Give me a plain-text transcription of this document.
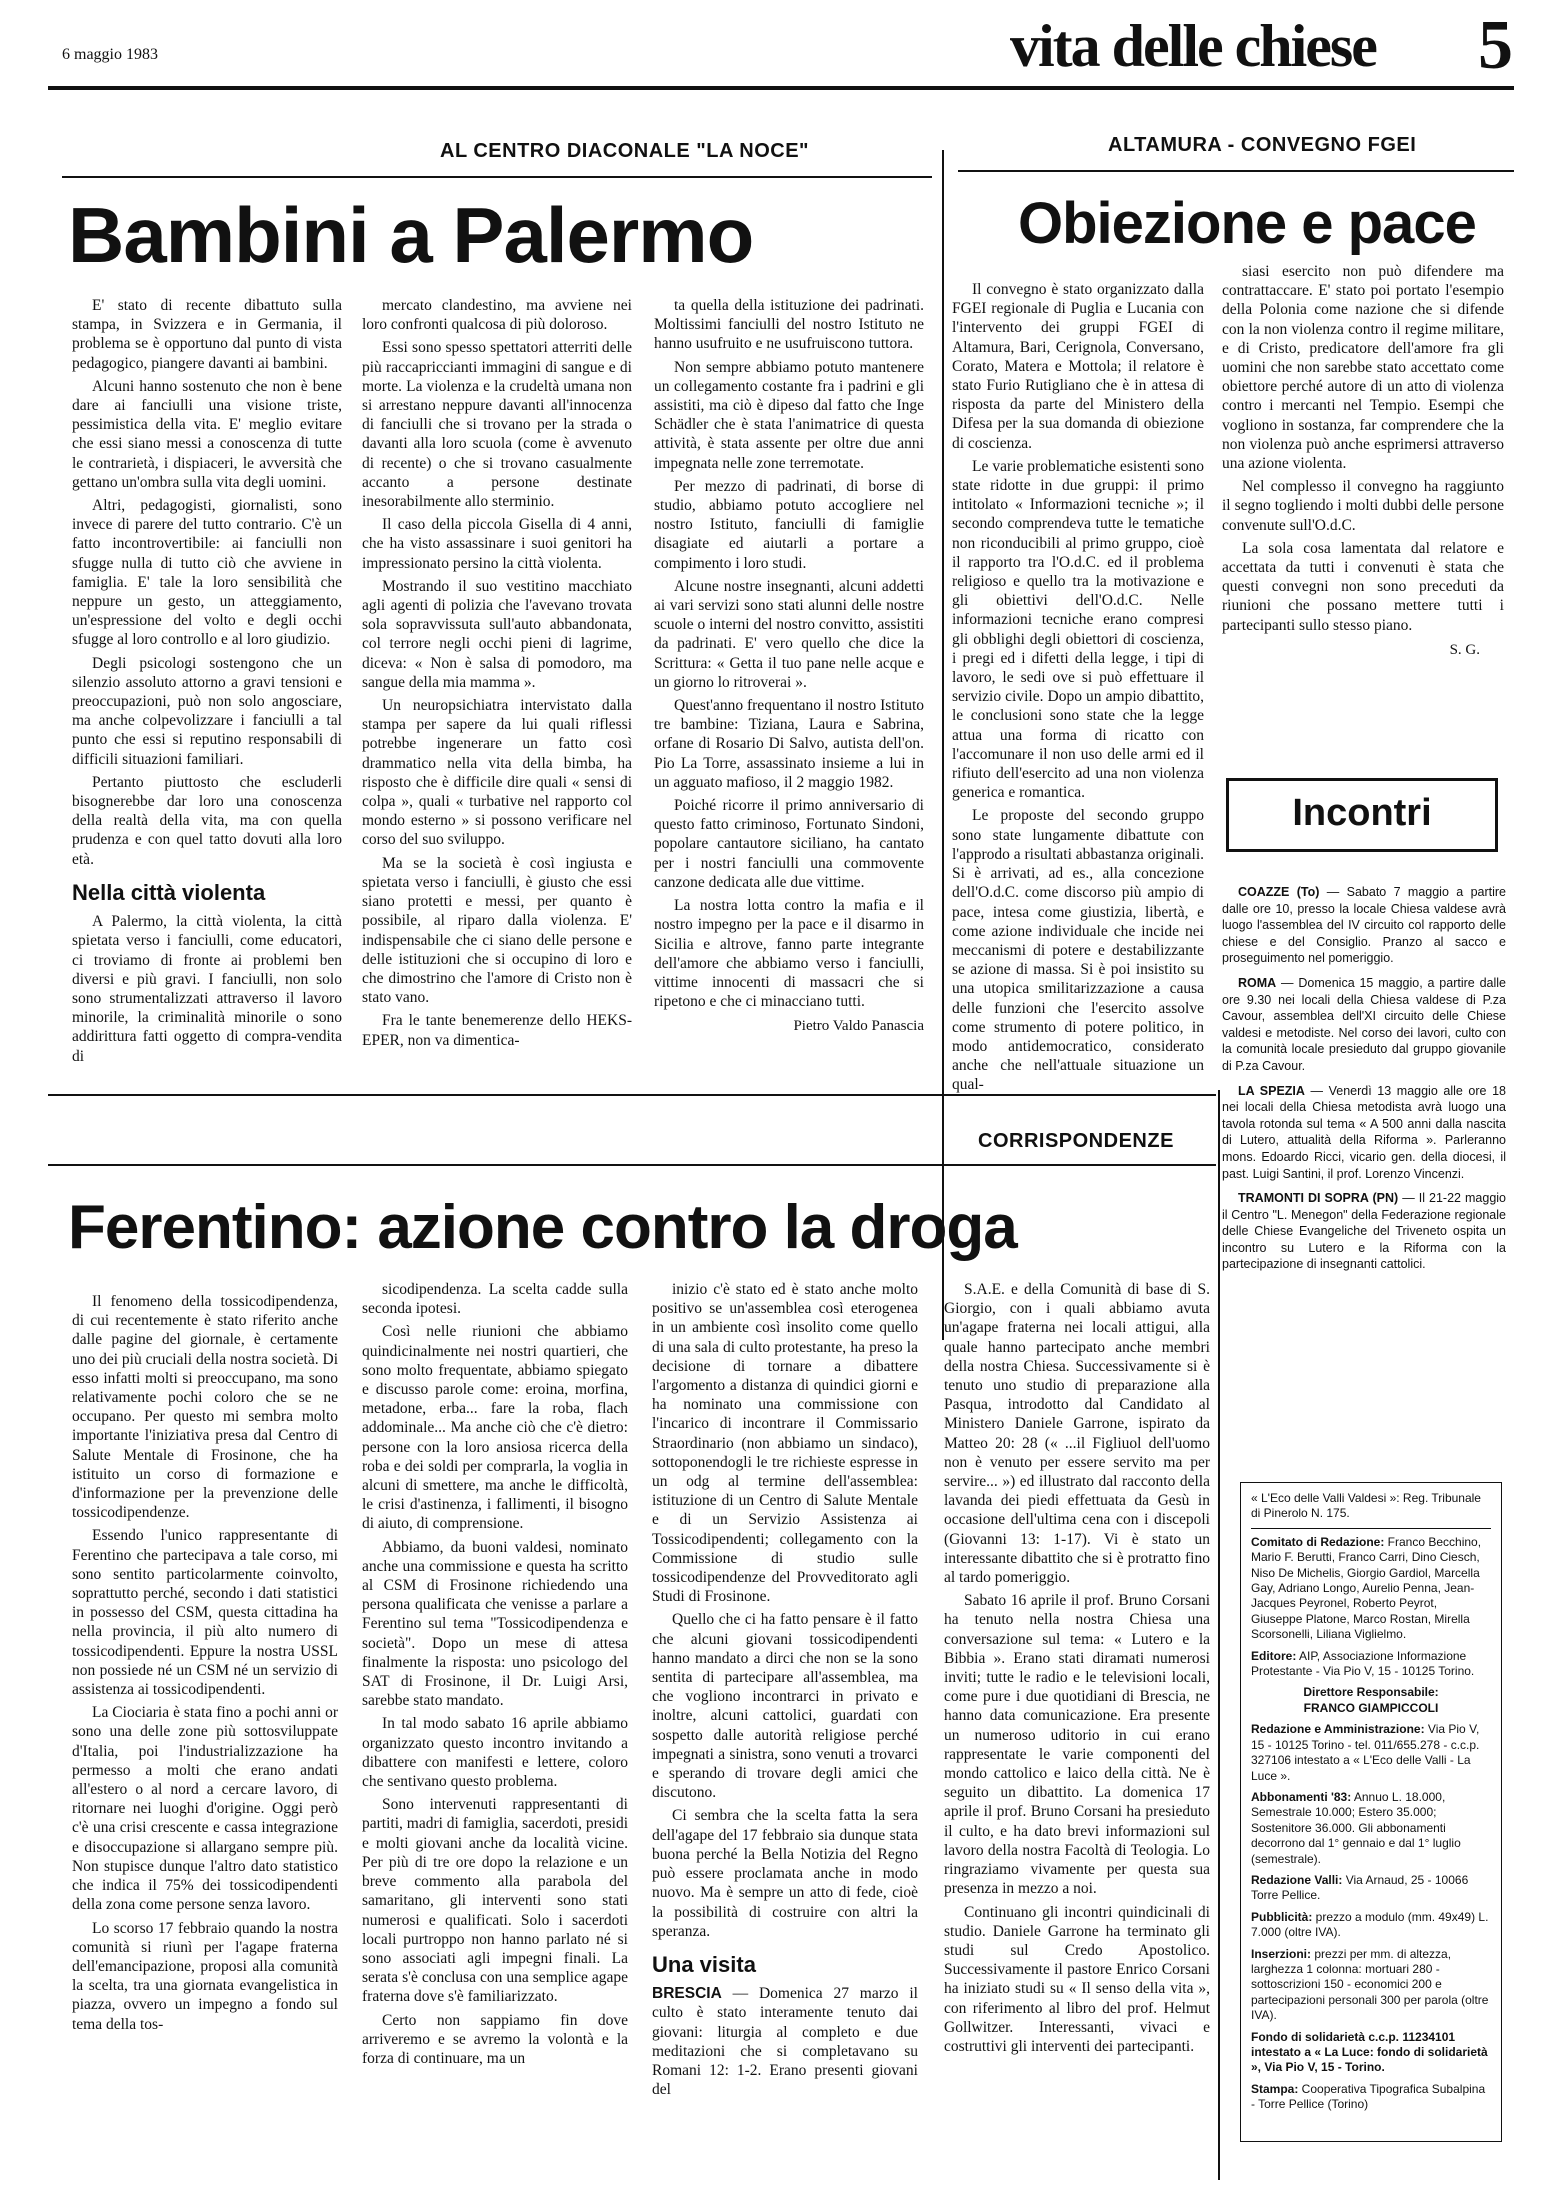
6 maggio 1983	vita delle chiese 5
AL CENTRO DIACONALE "LA NOCE"
Bambini a Palermo

E' stato di recente dibattuto sulla stampa, in Svizzera e in Germania, il problema se è opportuno dal punto di vista pedagogico, piangere davanti ai bambini.

Alcuni hanno sostenuto che non è bene dare ai fanciulli una visione triste, pessimistica della vita. E' meglio evitare che essi siano messi a conoscenza di tutte le contrarietà, i dispiaceri, le avversità che gettano un'ombra sulla vita degli uomini.

Altri, pedagogisti, giornalisti, sono invece di parere del tutto contrario. C'è un fatto incontrovertibile: ai fanciulli non sfugge nulla di tutto ciò che avviene in famiglia. E' tale la loro sensibilità che neppure un gesto, un atteggiamento, un'espressione del volto e degli occhi sfugge al loro controllo e al loro giudizio.

Degli psicologi sostengono che un silenzio assoluto attorno a gravi tensioni e preoccupazioni, può non solo angosciare, ma anche colpevolizzare i fanciulli a tal punto che essi si reputino responsabili di difficili situazioni familiari.

Pertanto piuttosto che escluderli bisognerebbe dar loro una conoscenza della realtà della vita, ma con quella prudenza e con quel tatto dovuti alla loro età.

Nella città violenta

A Palermo, la città violenta, la città spietata verso i fanciulli, come educatori, ci troviamo di fronte ai problemi ben diversi e più gravi. I fanciulli, non solo sono strumentalizzati attraverso il lavoro minorile, la criminalità minorile o sono addirittura fatti oggetto di compra-vendita di

mercato clandestino, ma avviene nei loro confronti qualcosa di più doloroso.

Essi sono spesso spettatori atterriti delle più raccapriccianti immagini di sangue e di morte. La violenza e la crudeltà umana non si arrestano neppure davanti all'innocenza di fanciulli che si trovano per la strada o davanti alla loro scuola (come è avvenuto di recente) o che si trovano casualmente accanto a persone destinate inesorabilmente allo sterminio.

Il caso della piccola Gisella di 4 anni, che ha visto assassinare i suoi genitori ha impressionato persino la città violenta.

Mostrando il suo vestitino macchiato agli agenti di polizia che l'avevano trovata sola sopravvissuta sull'auto abbandonata, col terrore negli occhi pieni di lagrime, diceva: « Non è salsa di pomodoro, ma sangue della mia mamma ».

Un neuropsichiatra intervistato dalla stampa per sapere da lui quali riflessi potrebbe ingenerare un fatto così drammatico nella vita della bimba, ha risposto che è difficile dire quali « sensi di colpa », quali « turbative nel rapporto col mondo esterno » si possono verificare nel corso del suo sviluppo.

Ma se la società è così ingiusta e spietata verso i fanciulli, è giusto che essi siano protetti e messi, per quanto è possibile, al riparo dalla violenza. E' indispensabile che ci siano delle persone e delle istituzioni che si occupino di loro e che dimostrino che l'amore di Cristo non è stato vano.

Fra le tante benemerenze dello HEKS-EPER, non va dimentica-

ta quella della istituzione dei padrinati. Moltissimi fanciulli del nostro Istituto ne hanno usufruito e ne usufruiscono tuttora.

Non sempre abbiamo potuto mantenere un collegamento costante fra i padrini e gli assistiti, ma ciò è dipeso dal fatto che Inge Schädler che è stata l'animatrice di questa attività, è stata assente per oltre due anni impegnata nelle zone terremotate.

Per mezzo di padrinati, di borse di studio, abbiamo potuto accogliere nel nostro Istituto, fanciulli di famiglie disagiate ed aiutarli a portare a compimento i loro studi.

Alcune nostre insegnanti, alcuni addetti ai vari servizi sono stati alunni delle nostre scuole o interni del nostro convitto, assistiti da padrinati. E' vero quello che dice la Scrittura: « Getta il tuo pane nelle acque e un giorno lo ritroverai ».

Quest'anno frequentano il nostro Istituto tre bambine: Tiziana, Laura e Sabrina, orfane di Rosario Di Salvo, autista dell'on. Pio La Torre, assassinato insieme a lui in un agguato mafioso, il 2 maggio 1982.

Poiché ricorre il primo anniversario di questo fatto criminoso, Fortunato Sindoni, popolare cantautore siciliano, ha cantato per i nostri fanciulli una commovente canzone dedicata alle due vittime.

La nostra lotta contro la mafia e il nostro impegno per la pace e il disarmo in Sicilia e altrove, fanno parte integrante dell'amore che abbiamo verso i fanciulli, vittime innocenti di massacri che si ripetono e che ci minacciano tutti.

Pietro Valdo Panascia
ALTAMURA - CONVEGNO FGEI
Obiezione e pace

Il convegno è stato organizzato dalla FGEI regionale di Puglia e Lucania con l'intervento dei gruppi FGEI di Altamura, Bari, Cerignola, Conversano, Corato, Matera e Mottola; il relatore è stato Furio Rutigliano che è in attesa di risposta da parte del Ministero della Difesa per la sua domanda di obiezione di coscienza.

Le varie problematiche esistenti sono state ridotte in due gruppi: il primo intitolato « Informazioni tecniche »; il secondo comprendeva tutte le tematiche non riconducibili al primo gruppo, cioè il rapporto tra l'O.d.C. ed il problema religioso e quello tra la motivazione e gli obiettivi dell'O.d.C. Nelle informazioni tecniche erano compresi gli obblighi degli obiettori di coscienza, i pregi ed i difetti della legge, i tipi di lavoro, le sedi ove si può effettuare il servizio civile. Dopo un ampio dibattito, le conclusioni sono state che la legge attua una forma di ricatto con l'accomunare il non uso delle armi ed il rifiuto dell'esercito ad una non violenza generica e romantica.

Le proposte del secondo gruppo sono state lungamente dibattute con l'approdo a risultati abbastanza originali. Si è arrivati, ad es., alla concezione dell'O.d.C. come discorso più ampio di pace, intesa come giustizia, libertà, e come azione individuale che incide nei meccanismi di potere e destabilizzante se azione di massa. Si è poi insistito su una utopica smilitarizzazione a causa delle funzioni che l'esercito assolve come strumento di potere politico, in modo antidemocratico, considerato anche che nell'attuale situazione un qual-

siasi esercito non può difendere ma contrattaccare. E' stato poi portato l'esempio della Polonia come nazione che si difende con la non violenza contro il regime militare, e di Cristo, predicatore dell'amore fra gli uomini che non sarebbe stato accettato come obiettore perché autore di un atto di violenza contro i mercanti nel Tempio. Esempi che vogliono in sostanza, far comprendere che la non violenza può anche esprimersi attraverso una azione violenta.

Nel complesso il convegno ha raggiunto il segno togliendo i molti dubbi delle persone convenute sull'O.d.C.

La sola cosa lamentata dal relatore e accettata da tutti i convenuti è stata che questi convegni non sono preceduti da riunioni che possano mettere tutti i partecipanti sullo stesso piano.

S. G.
Incontri

COAZZE (To) — Sabato 7 maggio a partire dalle ore 10, presso la locale Chiesa valdese avrà luogo l'assemblea del IV circuito col rapporto delle chiese e del Consiglio. Pranzo al sacco e proseguimento nel pomeriggio.

ROMA — Domenica 15 maggio, a partire dalle ore 9.30 nei locali della Chiesa valdese di P.za Cavour, assemblea dell'XI circuito delle Chiese valdesi e metodiste. Nel corso dei lavori, culto con la comunità locale presieduto dal gruppo giovanile di P.za Cavour.

LA SPEZIA — Venerdì 13 maggio alle ore 18 nei locali della Chiesa metodista avrà luogo una tavola rotonda sul tema « A 500 anni dalla nascita di Lutero, attualità della Riforma ». Parleranno mons. Edoardo Ricci, vicario gen. della diocesi, il past. Luigi Santini, il prof. Lorenzo Vincenzi.

TRAMONTI DI SOPRA (PN) — Il 21-22 maggio il Centro "L. Menegon" della Federazione regionale delle Chiese Evangeliche del Triveneto ospita un incontro su Lutero e la Riforma con la partecipazione di insegnanti cattolici.

« L'Eco delle Valli Valdesi »: Reg. Tribunale di Pinerolo N. 175.
Comitato di Redazione: Franco Becchino, Mario F. Berutti, Franco Carri, Dino Ciesch, Niso De Michelis, Giorgio Gardiol, Marcella Gay, Adriano Longo, Aurelio Penna, Jean-Jacques Peyronel, Roberto Peyrot, Giuseppe Platone, Marco Rostan, Mirella Scorsonelli, Liliana Viglielmo.
Editore: AIP, Associazione Informazione Protestante - Via Pio V, 15 - 10125 Torino.
Direttore Responsabile:
FRANCO GIAMPICCOLI
Redazione e Amministrazione: Via Pio V, 15 - 10125 Torino - tel. 011/655.278 - c.c.p. 327106 intestato a « L'Eco delle Valli - La Luce ».
Abbonamenti '83: Annuo L. 18.000, Semestrale 10.000; Estero 35.000; Sostenitore 36.000. Gli abbonamenti decorrono dal 1° gennaio e dal 1° luglio (semestrale).
Redazione Valli: Via Arnaud, 25 - 10066 Torre Pellice.
Pubblicità: prezzo a modulo (mm. 49x49) L. 7.000 (oltre IVA).
Inserzioni: prezzi per mm. di altezza, larghezza 1 colonna: mortuari 280 - sottoscrizioni 150 - economici 200 e partecipazioni personali 300 per parola (oltre IVA).
Fondo di solidarietà c.c.p. 11234101 intestato a « La Luce: fondo di solidarietà », Via Pio V, 15 - Torino.
Stampa: Cooperativa Tipografica Subalpina - Torre Pellice (Torino)
CORRISPONDENZE
Ferentino: azione contro la droga

Il fenomeno della tossicodipendenza, di cui recentemente è stato riferito anche dalle pagine del giornale, è certamente uno dei più cruciali della nostra società. Di esso infatti molti si preoccupano, ma sono relativamente pochi coloro che se ne occupano. Per questo mi sembra molto importante l'iniziativa presa dal Centro di Salute Mentale di Frosinone, che ha istituito un corso di formazione e d'informazione per la prevenzione delle tossicodipendenze.

Essendo l'unico rappresentante di Ferentino che partecipava a tale corso, mi sono sentito particolarmente coinvolto, soprattutto perché, secondo i dati statistici in possesso del CSM, questa cittadina ha nella provincia, il più alto numero di tossicodipendenti. Eppure la nostra USSL non possiede né un CSM né un servizio di assistenza ai tossicodipendenti.

La Ciociaria è stata fino a pochi anni or sono una delle zone più sottosviluppate d'Italia, poi l'industrializzazione ha permesso a molti che erano andati all'estero o al nord a cercare lavoro, di ritornare nei luoghi d'origine. Oggi però c'è una crisi crescente e cassa integrazione e disoccupazione si allargano sempre più. Non stupisce dunque l'altro dato statistico che indica il 75% dei tossicodipendenti della zona come persone senza lavoro.

Lo scorso 17 febbraio quando la nostra comunità si riunì per l'agape fraterna dell'emancipazione, proposi alla comunità la scelta, tra una giornata evangelistica in piazza, ovvero un impegno a fondo sul tema della tos-

sicodipendenza. La scelta cadde sulla seconda ipotesi.

Così nelle riunioni che abbiamo quindicinalmente nei nostri quartieri, che sono molto frequentate, abbiamo spiegato e discusso parole come: eroina, morfina, metadone, erba... fare la roba, flach addominale... Ma anche ciò che c'è dietro: persone con la loro ansiosa ricerca della roba e dei soldi per comprarla, la voglia in alcuni di smettere, ma anche le difficoltà, le crisi d'astinenza, i fallimenti, il bisogno di aiuto, di comprensione.

Abbiamo, da buoni valdesi, nominato anche una commissione e questa ha scritto al CSM di Frosinone richiedendo una persona qualificata che venisse a parlare a Ferentino sul tema "Tossicodipendenza e società". Dopo un mese di attesa finalmente la risposta: uno psicologo del SAT di Frosinone, il Dr. Luigi Arsi, sarebbe stato mandato.

In tal modo sabato 16 aprile abbiamo organizzato questo incontro invitando a dibattere con manifesti e lettere, coloro che sentivano questo problema.

Sono intervenuti rappresentanti di partiti, madri di famiglia, sacerdoti, presidi e molti giovani anche da località vicine. Per più di tre ore dopo la relazione e un breve commento alla parabola del samaritano, gli interventi sono stati numerosi e qualificati. Solo i sacerdoti locali purtroppo non hanno parlato né si sono associati agli impegni finali. La serata s'è conclusa con una semplice agape fraterna dove s'è familiarizzato.

Certo non sappiamo fin dove arriveremo e se avremo la volontà e la forza di continuare, ma un

inizio c'è stato ed è stato anche molto positivo se un'assemblea così eterogenea in un ambiente così insolito come quello di una sala di culto protestante, ha preso la decisione di tornare a dibattere l'argomento a distanza di quindici giorni e ha nominato una commissione con l'incarico di incontrare il Commissario Straordinario (non abbiamo un sindaco), sottoponendogli le tre richieste espresse in un odg al termine dell'assemblea: istituzione di un Centro di Salute Mentale e di un Servizio Assistenza ai Tossicodipendenti; collegamento con la Commissione di studio sulle tossicodipendenze del Provveditorato agli Studi di Frosinone.

Quello che ci ha fatto pensare è il fatto che alcuni giovani tossicodipendenti hanno mandato a dirci che non se la sono sentita di partecipare all'assemblea, ma che vogliono incontrarci in privato e inoltre, alcuni cattolici, guardati con sospetto dalle autorità religiose perché impegnati a sinistra, sono venuti a trovarci e sperando di trovare degli amici che discutono.

Ci sembra che la scelta fatta la sera dell'agape del 17 febbraio sia dunque stata buona perché la Bella Notizia del Regno può essere proclamata anche in modo nuovo. Ma è sempre un atto di fede, cioè la possibilità di costruire con altri la speranza.

Una visita

BRESCIA — Domenica 27 marzo il culto è stato interamente tenuto dai giovani: liturgia al completo e due meditazioni che si completavano su Romani 12: 1-2. Erano presenti giovani del

S.A.E. e della Comunità di base di S. Giorgio, con i quali abbiamo avuta un'agape fraterna nei locali attigui, alla quale hanno partecipato anche membri della nostra Chiesa. Successivamente si è tenuto uno studio di preparazione alla Pasqua, introdotto dal Candidato al Ministero Daniele Garrone, ispirato da Matteo 20: 28 (« ...il Figliuol dell'uomo non è venuto per essere servito ma per servire... ») ed illustrato dal racconto della lavanda dei piedi effettuata da Gesù in occasione dell'ultima cena con i discepoli (Giovanni 13: 1-17). Vi è stato un interessante dibattito che si è protratto fino al tardo pomeriggio.

Sabato 16 aprile il prof. Bruno Corsani ha tenuto nella nostra Chiesa una conversazione sul tema: « Lutero e la Bibbia ». Erano stati diramati numerosi inviti; tutte le radio e le televisioni locali, come pure i due quotidiani di Brescia, ne hanno data comunicazione. Era presente un numeroso uditorio in cui erano rappresentate le varie componenti del mondo cattolico e laico della città. Ne è seguito un dibattito. La domenica 17 aprile il prof. Bruno Corsani ha presieduto il culto, e ha dato brevi informazioni sul lavoro della nostra Facoltà di Teologia. Lo ringraziamo vivamente per questa sua presenza in mezzo a noi.

Continuano gli incontri quindicinali di studio. Daniele Garrone ha terminato gli studi sul Credo Apostolico. Successivamente il pastore Enrico Corsani ha iniziato studi su « Il senso della vita », con riferimento al libro del prof. Helmut Gollwitzer. Interessanti, vivaci e costruttivi gli interventi dei partecipanti.
